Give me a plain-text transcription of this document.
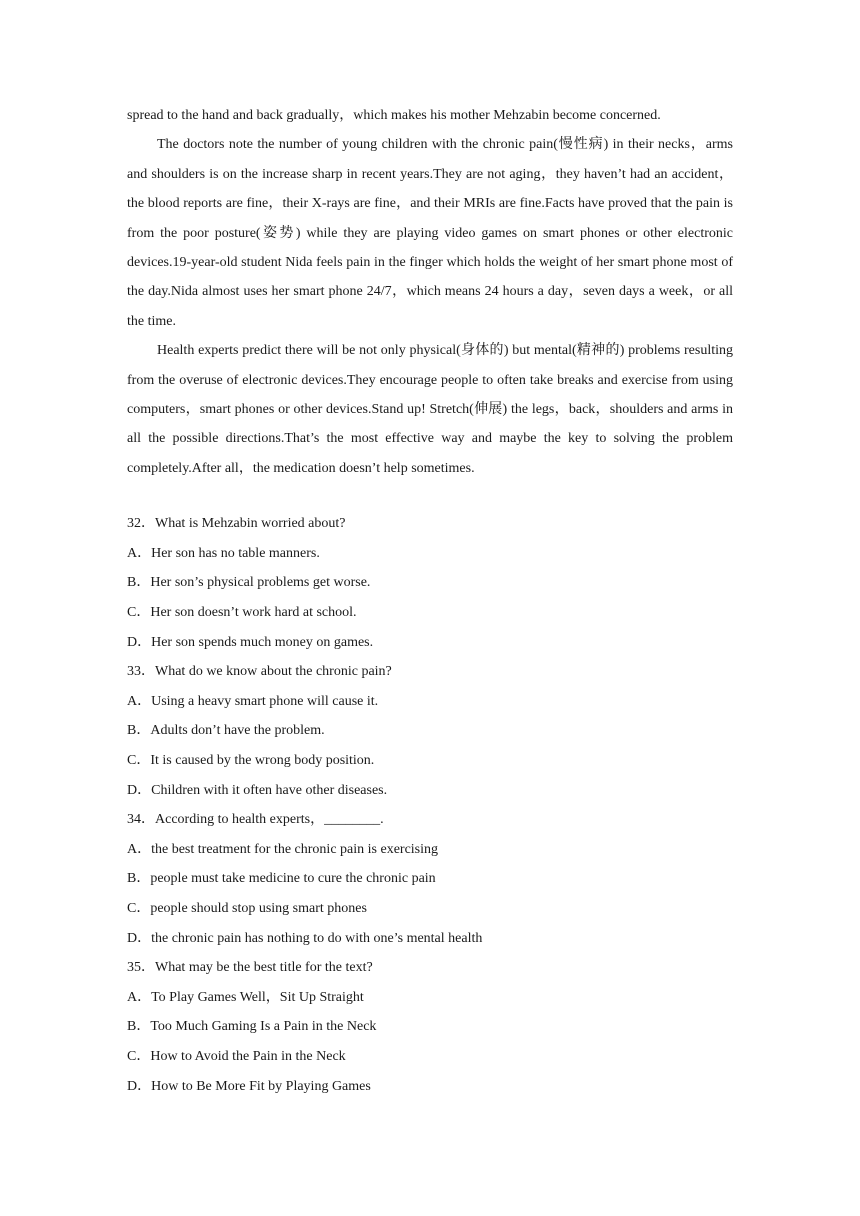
spread to the hand and back gradually，which makes his mother Mehzabin become concerned.

The doctors note the number of young children with the chronic pain(慢性病) in their necks，arms and shoulders is on the increase sharp in recent years.They are not aging，they haven’t had an accident，the blood reports are fine，their X-rays are fine，and their MRIs are fine.Facts have proved that the pain is from the poor posture(姿势) while they are playing video games on smart phones or other electronic devices.19-year-old student Nida feels pain in the finger which holds the weight of her smart phone most of the day.Nida almost uses her smart phone 24/7，which means 24 hours a day，seven days a week，or all the time.

Health experts predict there will be not only physical(身体的) but mental(精神的) problems resulting from the overuse of electronic devices.They encourage people to often take breaks and exercise from using computers，smart phones or other devices.Stand up! Stretch(伸展) the legs，back，shoulders and arms in all the possible directions.That’s the most effective way and maybe the key to solving the problem completely.After all，the medication doesn’t help sometimes.

32．What is Mehzabin worried about?

A．Her son has no table manners.

B．Her son’s physical problems get worse.

C．Her son doesn’t work hard at school.

D．Her son spends much money on games.

33．What do we know about the chronic pain?

A．Using a heavy smart phone will cause it.

B．Adults don’t have the problem.

C．It is caused by the wrong body position.

D．Children with it often have other diseases.

34．According to health experts，________.

A．the best treatment for the chronic pain is exercising

B．people must take medicine to cure the chronic pain

C．people should stop using smart phones

D．the chronic pain has nothing to do with one’s mental health

35．What may be the best title for the text?

A．To Play Games Well，Sit Up Straight

B．Too Much Gaming Is a Pain in the Neck

C．How to Avoid the Pain in the Neck

D．How to Be More Fit by Playing Games
